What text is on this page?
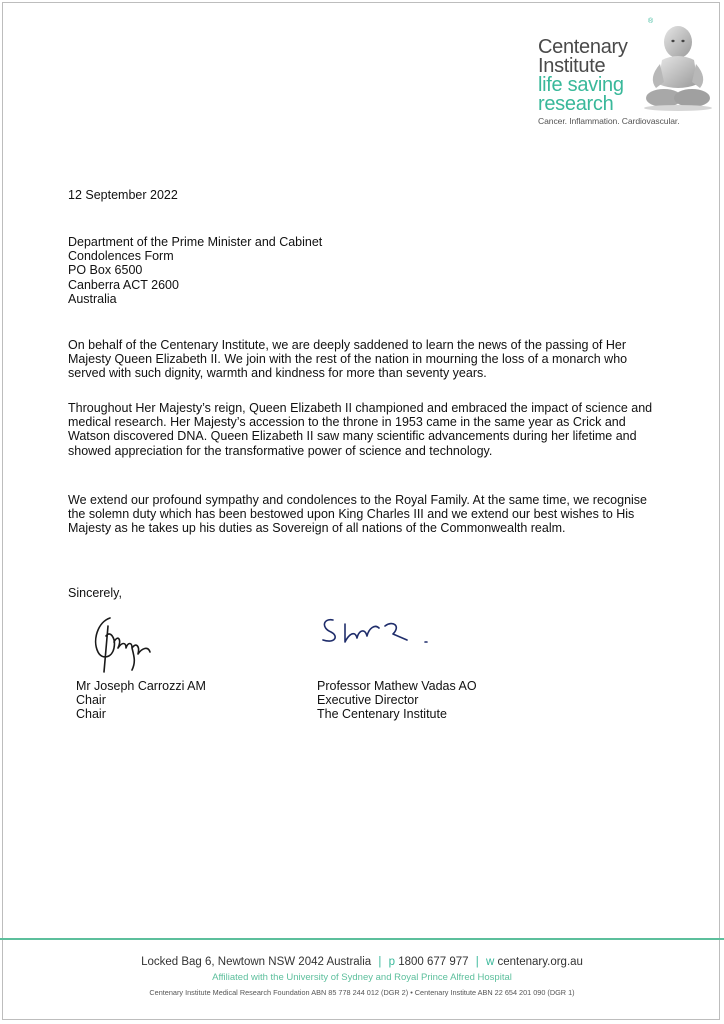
Centenary
Institute
life saving
research
®
Cancer. Inflammation. Cardiovascular.
12 September 2022
Department of the Prime Minister and Cabinet
Condolences Form
PO Box 6500
Canberra ACT 2600
Australia
On behalf of the Centenary Institute, we are deeply saddened to learn the news of the passing of Her Majesty Queen Elizabeth II. We join with the rest of the nation in mourning the loss of a monarch who served with such dignity, warmth and kindness for more than seventy years.
Throughout Her Majesty’s reign, Queen Elizabeth II championed and embraced the impact of science and medical research. Her Majesty’s accession to the throne in 1953 came in the same year as Crick and Watson discovered DNA. Queen Elizabeth II saw many scientific advancements during her lifetime and showed appreciation for the transformative power of science and technology.
We extend our profound sympathy and condolences to the Royal Family. At the same time, we recognise the solemn duty which has been bestowed upon King Charles III and we extend our best wishes to His Majesty as he takes up his duties as Sovereign of all nations of the Commonwealth realm.
Sincerely,
Mr Joseph Carrozzi AM
Chair
Chair
Professor Mathew Vadas AO
Executive Director
The Centenary Institute
Locked Bag 6, Newtown NSW 2042 Australia | p 1800 677 977 | w centenary.org.au
Affiliated with the University of Sydney and Royal Prince Alfred Hospital
Centenary Institute Medical Research Foundation ABN 85 778 244 012 (DGR 2) • Centenary Institute ABN 22 654 201 090 (DGR 1)
